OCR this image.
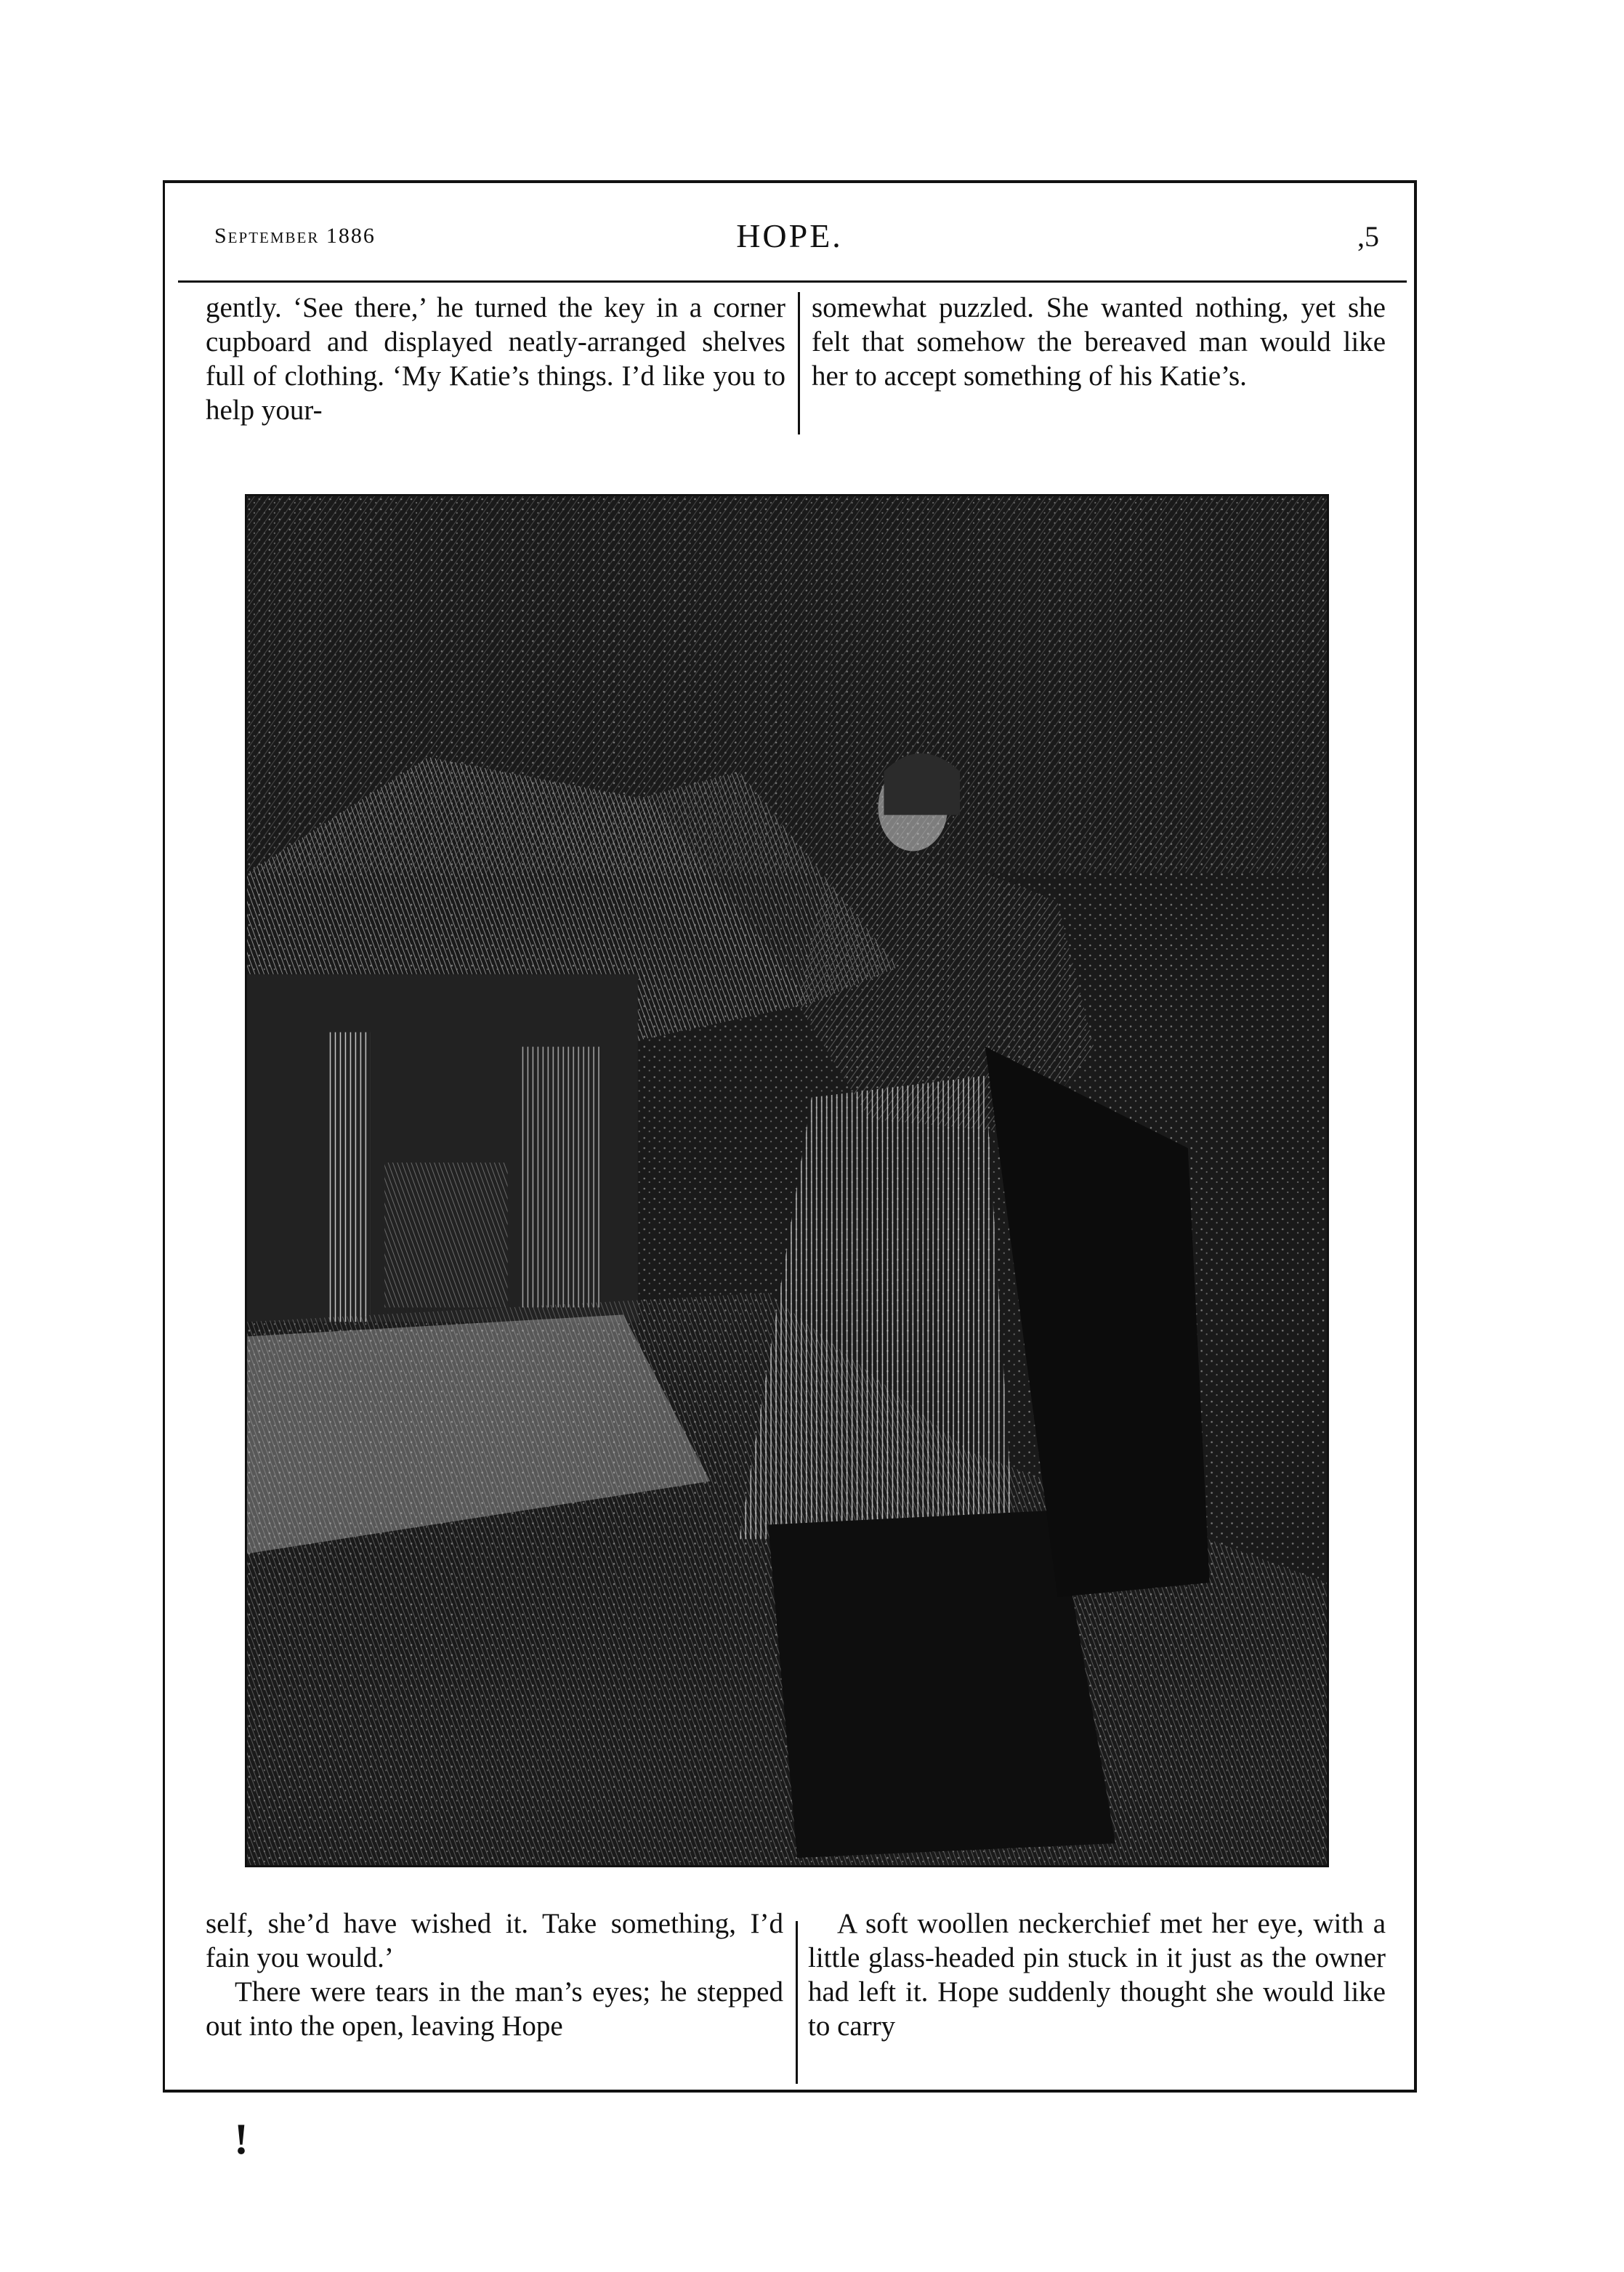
September 1886	HOPE.	,5

gently. ‘See there,’ he turned the key in a corner cupboard and displayed neatly-arranged shelves full of clothing. ‘My Katie’s things. I’d like you to help your-

somewhat puzzled. She wanted nothing, yet she felt that somehow the bereaved man would like her to accept something of his Katie’s.

self, she’d have wished it. Take something, I’d fain you would.’

There were tears in the man’s eyes; he stepped out into the open, leaving Hope

A soft woollen neckerchief met her eye, with a little glass-headed pin stuck in it just as the owner had left it. Hope suddenly thought she would like to carry

!
